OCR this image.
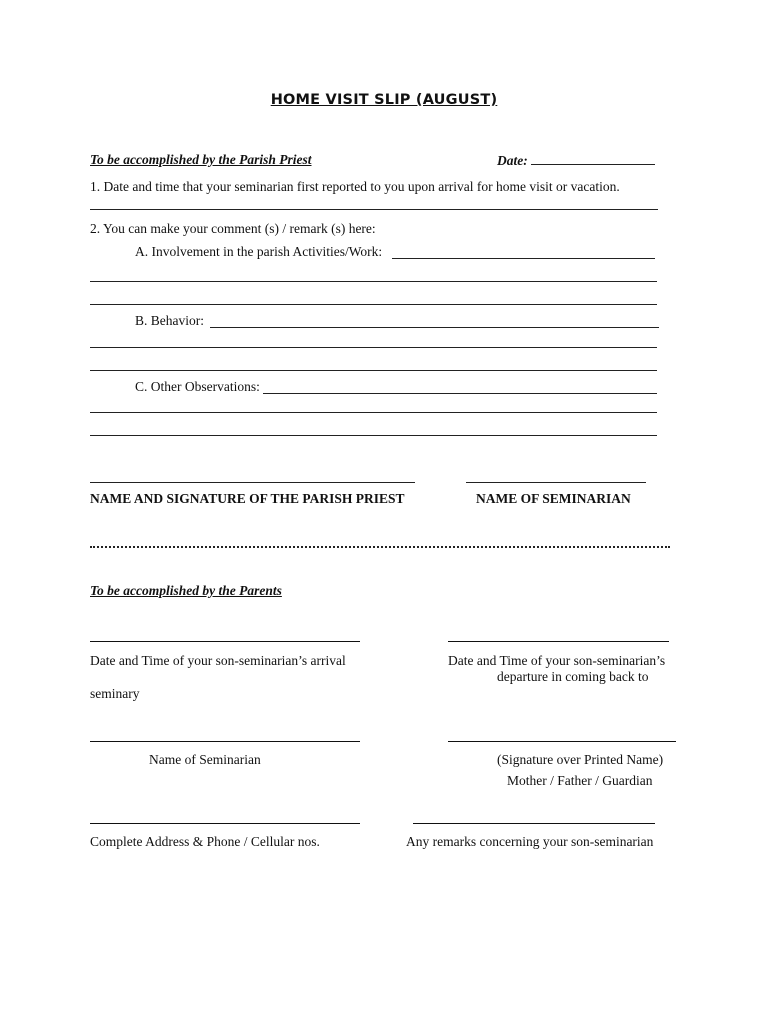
HOME VISIT SLIP (AUGUST)
To be accomplished by the Parish Priest	Date:
1. Date and time that your seminarian first reported to you upon arrival for home visit or vacation.
2. You can make your comment (s) / remark (s) here:
A. Involvement in the parish Activities/Work:
B. Behavior:
C. Other Observations:
NAME AND SIGNATURE OF THE PARISH PRIEST	NAME OF SEMINARIAN
To be accomplished by the Parents
Date and Time of your son-seminarian’s arrival
seminary
Date and Time of your son-seminarian’s
departure in coming back to
Name of Seminarian	(Signature over Printed Name)
Mother / Father / Guardian
Complete Address & Phone / Cellular nos.	Any remarks concerning your son-seminarian
